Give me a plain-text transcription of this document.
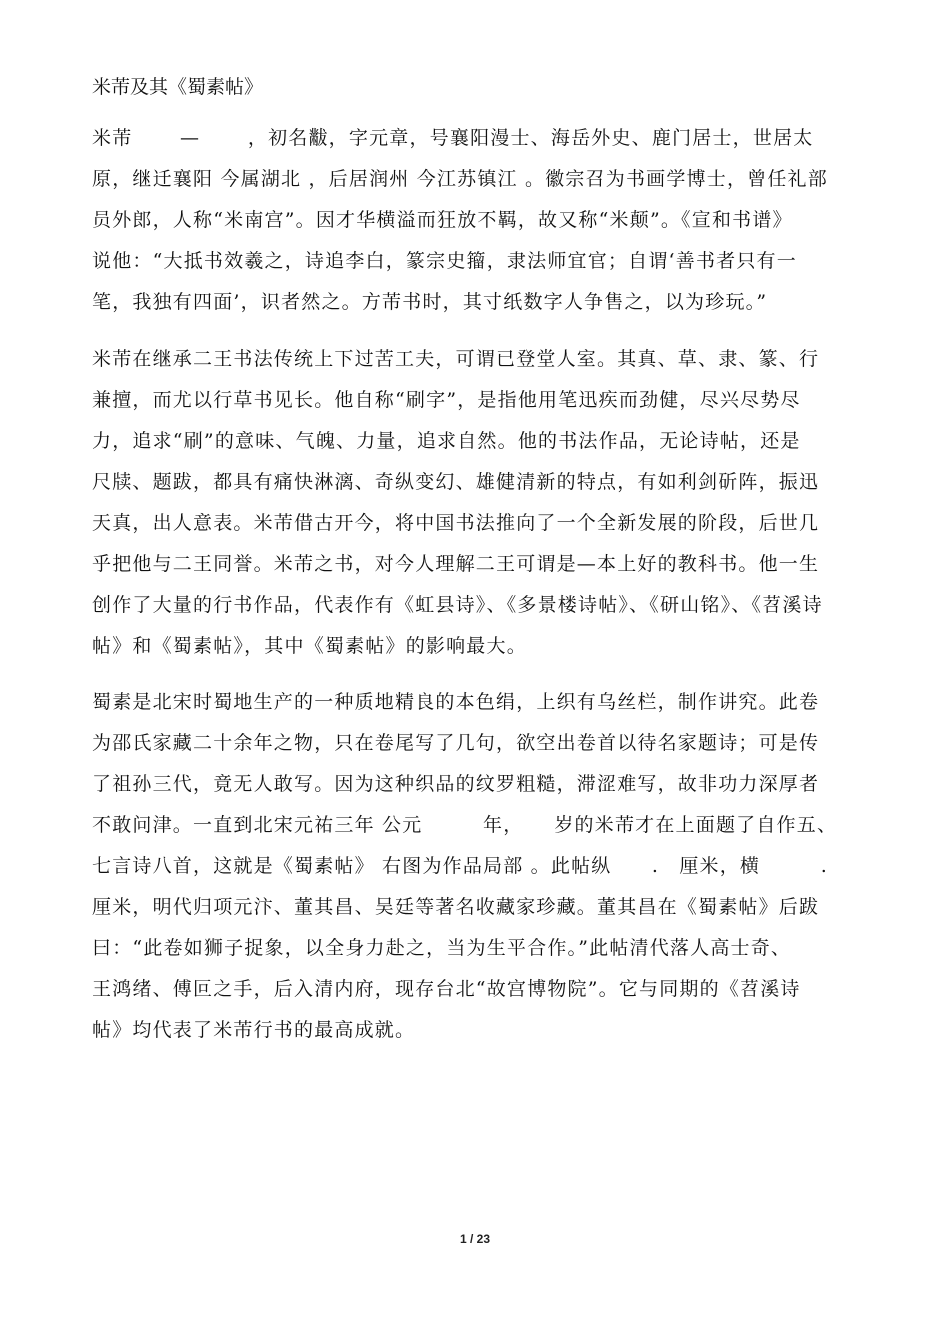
米芾及其《蜀素帖》
米芾　　 —　　 ，初名黻，字元章，号襄阳漫士、海岳外史、鹿门居士，世居太
原，继迁襄阳 今属湖北 ，后居润州 今江苏镇江 。徽宗召为书画学博士，曾任礼部
员外郎，人称“米南宫”。因才华横溢而狂放不羁，故又称“米颠”。《宣和书谱》
说他：“大抵书效羲之，诗追李白，篆宗史籀，隶法师宜官；自谓‘善书者只有一
笔，我独有四面’，识者然之。方芾书时，其寸纸数字人争售之，以为珍玩。”
米芾在继承二王书法传统上下过苦工夫，可谓已登堂人室。其真、草、隶、篆、行
兼擅，而尤以行草书见长。他自称“刷字”，是指他用笔迅疾而劲健，尽兴尽势尽
力，追求“刷”的意味、气魄、力量，追求自然。他的书法作品，无论诗帖，还是
尺牍、题跋，都具有痛快淋漓、奇纵变幻、雄健清新的特点，有如利剑斫阵，振迅
天真，出人意表。米芾借古开今，将中国书法推向了一个全新发展的阶段，后世几
乎把他与二王同誉。米芾之书，对今人理解二王可谓是—本上好的教科书。他一生
创作了大量的行书作品，代表作有《虹县诗》、《多景楼诗帖》、《研山铭》、《苕溪诗
帖》和《蜀素帖》，其中《蜀素帖》的影响最大。
蜀素是北宋时蜀地生产的一种质地精良的本色绢，上织有乌丝栏，制作讲究。此卷
为邵氏家藏二十余年之物，只在卷尾写了几句，欲空出卷首以待名家题诗；可是传
了祖孙三代，竟无人敢写。因为这种织品的纹罗粗糙，滞涩难写，故非功力深厚者
不敢问津。一直到北宋元祐三年 公元　　　年，　　岁的米芾才在上面题了自作五、
七言诗八首，这就是《蜀素帖》 右图为作品局部 。此帖纵　　.　厘米，横　　　.
厘米，明代归项元汴、董其昌、吴廷等著名收藏家珍藏。董其昌在《蜀素帖》后跋
曰：“此卷如狮子捉象，以全身力赴之，当为生平合作。”此帖清代落人高士奇、
王鸿绪、傅叵之手，后入清内府，现存台北“故宫博物院”。它与同期的《苕溪诗
帖》均代表了米芾行书的最高成就。
1 / 23
